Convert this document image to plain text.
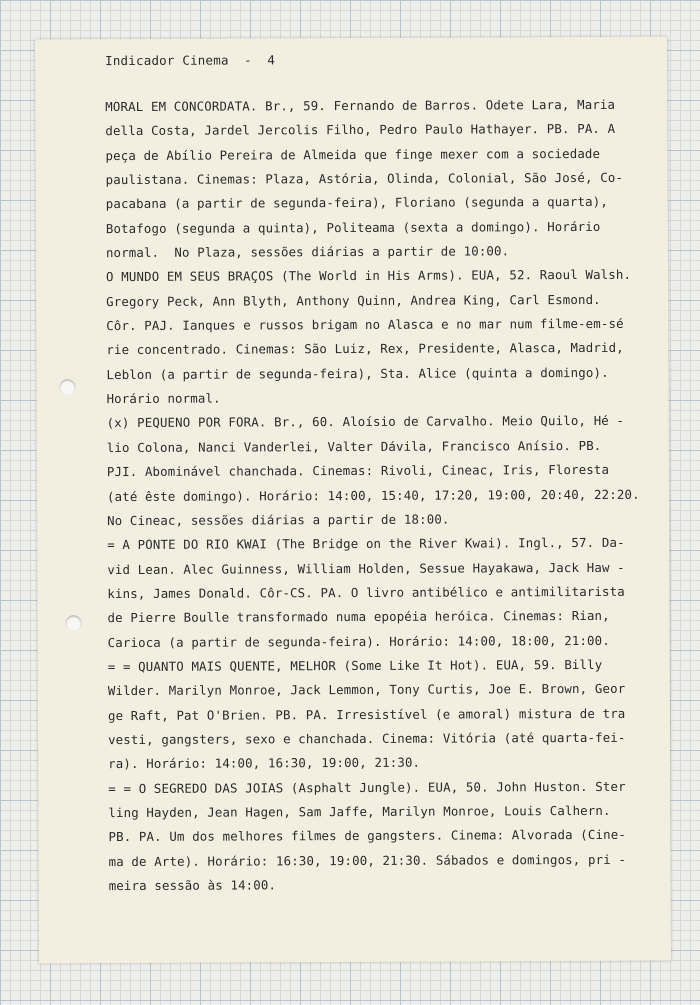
Indicador Cinema  -  4
MORAL EM CONCORDATA. Br., 59. Fernando de Barros. Odete Lara, Maria
della Costa, Jardel Jercolis Filho, Pedro Paulo Hathayer. PB. PA. A
peça de Abílio Pereira de Almeida que finge mexer com a sociedade
paulistana. Cinemas: Plaza, Astória, Olinda, Colonial, São José, Co-
pacabana (a partir de segunda-feira), Floriano (segunda a quarta),
Botafogo (segunda a quinta), Politeama (sexta a domingo). Horário
normal.  No Plaza, sessões diárias a partir de 10:00.
O MUNDO EM SEUS BRAÇOS (The World in His Arms). EUA, 52. Raoul Walsh.
Gregory Peck, Ann Blyth, Anthony Quinn, Andrea King, Carl Esmond.
Côr. PAJ. Ianques e russos brigam no Alasca e no mar num filme-em-sé
rie concentrado. Cinemas: São Luiz, Rex, Presidente, Alasca, Madrid,
Leblon (a partir de segunda-feira), Sta. Alice (quinta a domingo).
Horário normal.
(x) PEQUENO POR FORA. Br., 60. Aloísio de Carvalho. Meio Quilo, Hé -
lio Colona, Nanci Vanderlei, Valter Dávila, Francisco Anísio. PB.
PJI. Abominável chanchada. Cinemas: Rivoli, Cineac, Iris, Floresta
(até êste domingo). Horário: 14:00, 15:40, 17:20, 19:00, 20:40, 22:20.
No Cineac, sessões diárias a partir de 18:00.
= A PONTE DO RIO KWAI (The Bridge on the River Kwai). Ingl., 57. Da-
vid Lean. Alec Guinness, William Holden, Sessue Hayakawa, Jack Haw -
kins, James Donald. Côr-CS. PA. O livro antibélico e antimilitarista
de Pierre Boulle transformado numa epopéia heróica. Cinemas: Rian,
Carioca (a partir de segunda-feira). Horário: 14:00, 18:00, 21:00.
= = QUANTO MAIS QUENTE, MELHOR (Some Like It Hot). EUA, 59. Billy
Wilder. Marilyn Monroe, Jack Lemmon, Tony Curtis, Joe E. Brown, Geor
ge Raft, Pat O'Brien. PB. PA. Irresistível (e amoral) mistura de tra
vesti, gangsters, sexo e chanchada. Cinema: Vitória (até quarta-fei-
ra). Horário: 14:00, 16:30, 19:00, 21:30.
= = O SEGREDO DAS JOIAS (Asphalt Jungle). EUA, 50. John Huston. Ster
ling Hayden, Jean Hagen, Sam Jaffe, Marilyn Monroe, Louis Calhern.
PB. PA. Um dos melhores filmes de gangsters. Cinema: Alvorada (Cine-
ma de Arte). Horário: 16:30, 19:00, 21:30. Sábados e domingos, pri -
meira sessão às 14:00.
